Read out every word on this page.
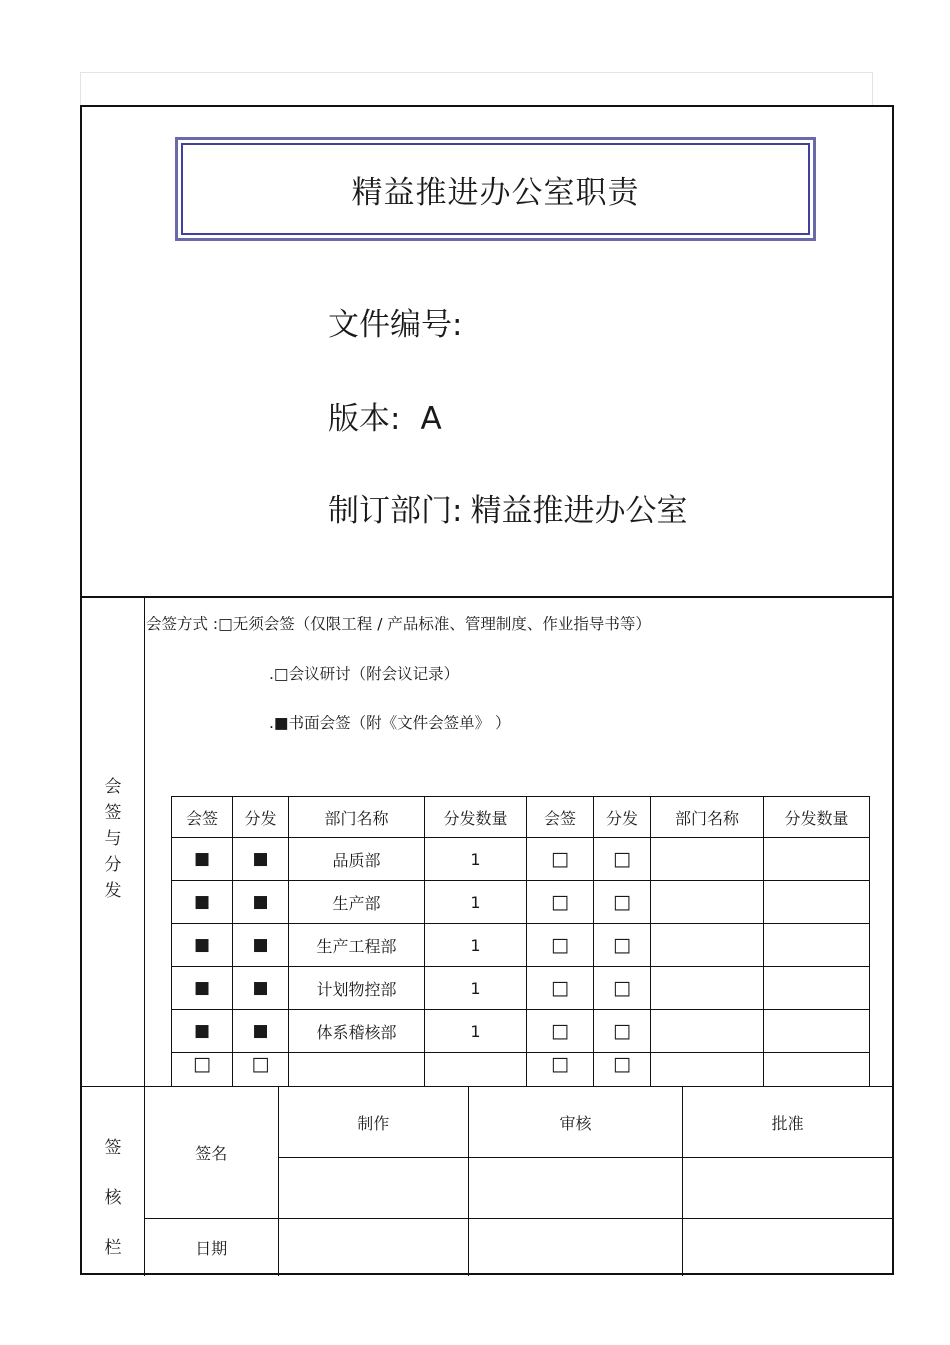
精益推进办公室职责
文件编号:
版本: A
制订部门: 精益推进办公室
会
签
与
分
发
会签方式 :□无须会签（仅限工程 / 产品标准、管理制度、作业指导书等）
.□会议研讨（附会议记录）
.■书面会签（附《文件会签单》 ）
会签	分发	部门名称	分发数量	会签	分发	部门名称	分发数量
■	■	品质部	1	□	□		
■	■	生产部	1	□	□		
■	■	生产工程部	1	□	□		
■	■	计划物控部	1	□	□		
■	■	体系稽核部	1	□	□		
□	□			□	□		
签
核
栏
签名	制作	审核	批准

日期			
